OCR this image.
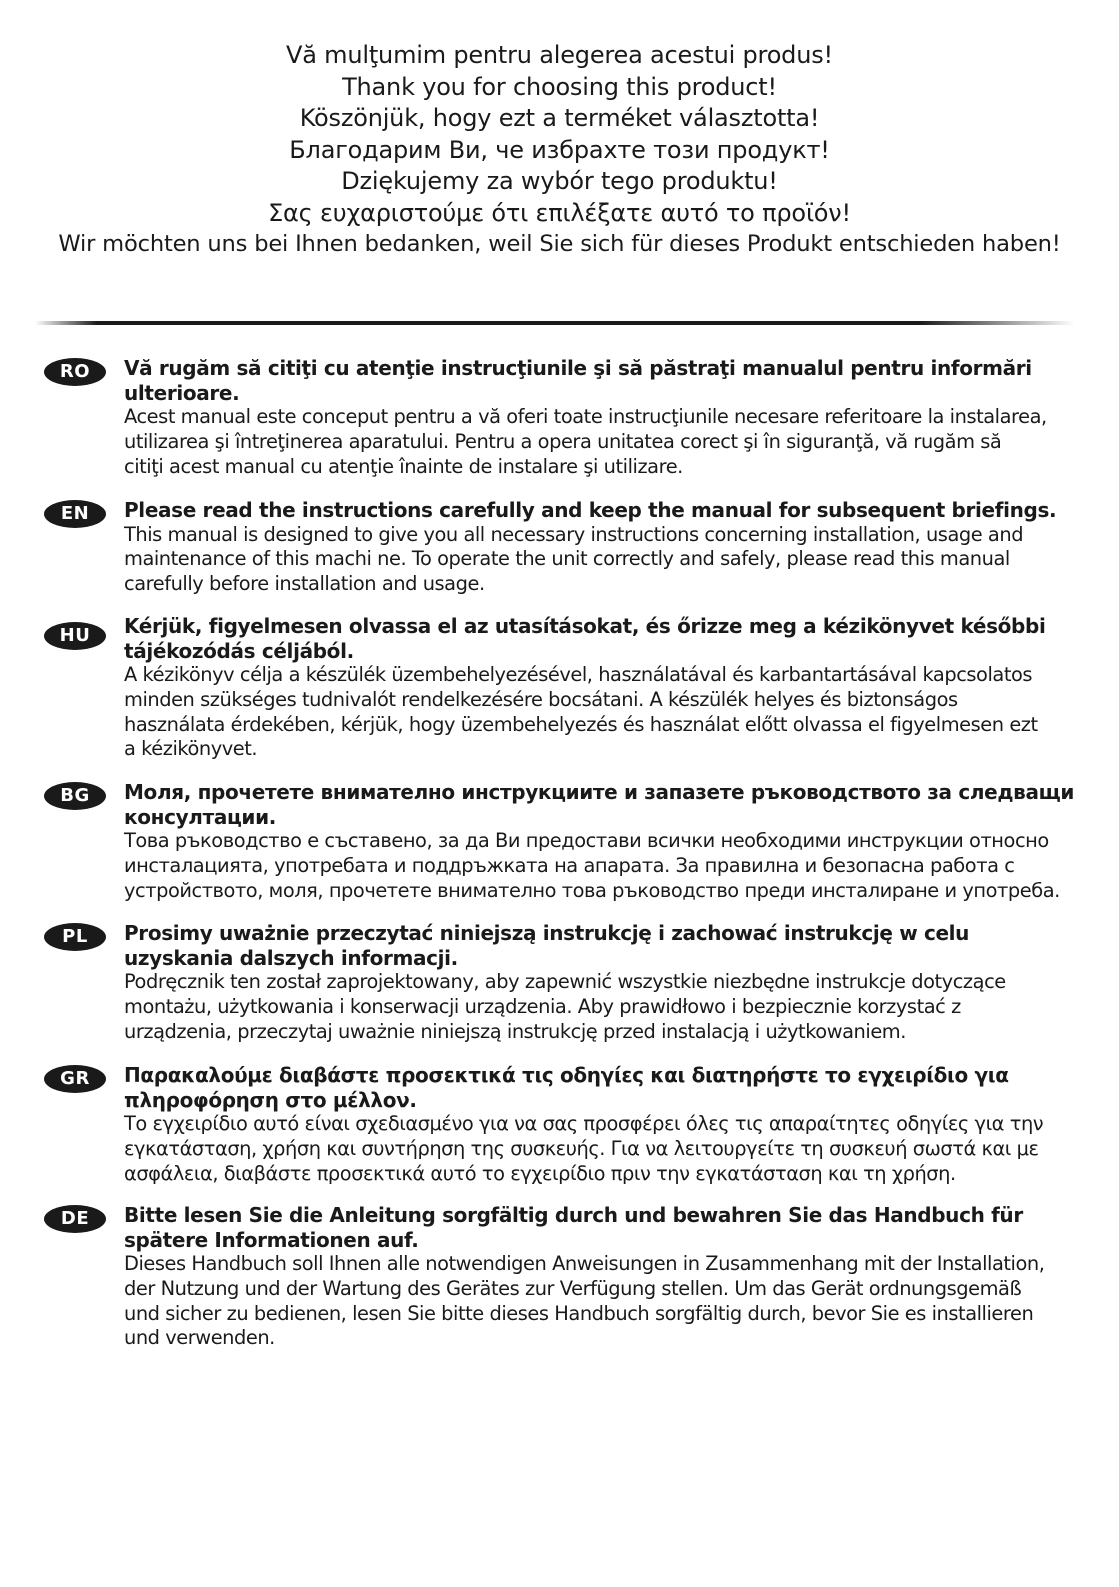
Vă mulţumim pentru alegerea acestui produs!
Thank you for choosing this product!
Köszönjük, hogy ezt a terméket választotta!
Благодарим Ви, че избрахте този продукт!
Dziękujemy za wybór tego produktu!
Σας ευχαριστούμε ότι επιλέξατε αυτό το προϊόν!
Wir möchten uns bei Ihnen bedanken, weil Sie sich für dieses Produkt entschieden haben!
RO	Vă rugăm să citiţi cu atenţie instrucţiunile şi să păstraţi manualul pentru informări ulterioare.
Acest manual este conceput pentru a vă oferi toate instrucţiunile necesare referitoare la instalarea,
utilizarea şi întreţinerea aparatului. Pentru a opera unitatea corect şi în siguranţă, vă rugăm să
citiţi acest manual cu atenţie înainte de instalare şi utilizare.
EN	Please read the instructions carefully and keep the manual for subsequent briefings.
This manual is designed to give you all necessary instructions concerning installation, usage and
maintenance of this machi ne. To operate the unit correctly and safely, please read this manual
carefully before installation and usage.
HU	Kérjük, figyelmesen olvassa el az utasításokat, és őrizze meg a kézikönyvet későbbi tájékozódás céljából.
A kézikönyv célja a készülék üzembehelyezésével, használatával és karbantartásával kapcsolatos
minden szükséges tudnivalót rendelkezésére bocsátani. A készülék helyes és biztonságos
használata érdekében, kérjük, hogy üzembehelyezés és használat előtt olvassa el figyelmesen ezt
a kézikönyvet.
BG	Моля, прочетете внимателно инструкциите и запазете ръководството за следващи консултации.
Това ръководство е съставено, за да Ви предостави всички необходими инструкции относно
инсталацията, употребата и поддръжката на апарата. За правилна и безопасна работа с
устройството, моля, прочетете внимателно това ръководство преди инсталиране и употреба.
PL	Prosimy uważnie przeczytać niniejszą instrukcję i zachować instrukcję w celu uzyskania dalszych informacji.
Podręcznik ten został zaprojektowany, aby zapewnić wszystkie niezbędne instrukcje dotyczące
montażu, użytkowania i konserwacji urządzenia. Aby prawidłowo i bezpiecznie korzystać z
urządzenia, przeczytaj uważnie niniejszą instrukcję przed instalacją i użytkowaniem.
GR	Παρακαλούμε διαβάστε προσεκτικά τις οδηγίες και διατηρήστε το εγχειρίδιο για πληροφόρηση στο μέλλον.
Το εγχειρίδιο αυτό είναι σχεδιασμένο για να σας προσφέρει όλες τις απαραίτητες οδηγίες για την
εγκατάσταση, χρήση και συντήρηση της συσκευής. Για να λειτουργείτε τη συσκευή σωστά και με
ασφάλεια, διαβάστε προσεκτικά αυτό το εγχειρίδιο πριν την εγκατάσταση και τη χρήση.
DE	Bitte lesen Sie die Anleitung sorgfältig durch und bewahren Sie das Handbuch für spätere Informationen auf.
Dieses Handbuch soll Ihnen alle notwendigen Anweisungen in Zusammenhang mit der Installation,
der Nutzung und der Wartung des Gerätes zur Verfügung stellen. Um das Gerät ordnungsgemäß
und sicher zu bedienen, lesen Sie bitte dieses Handbuch sorgfältig durch, bevor Sie es installieren
und verwenden.
